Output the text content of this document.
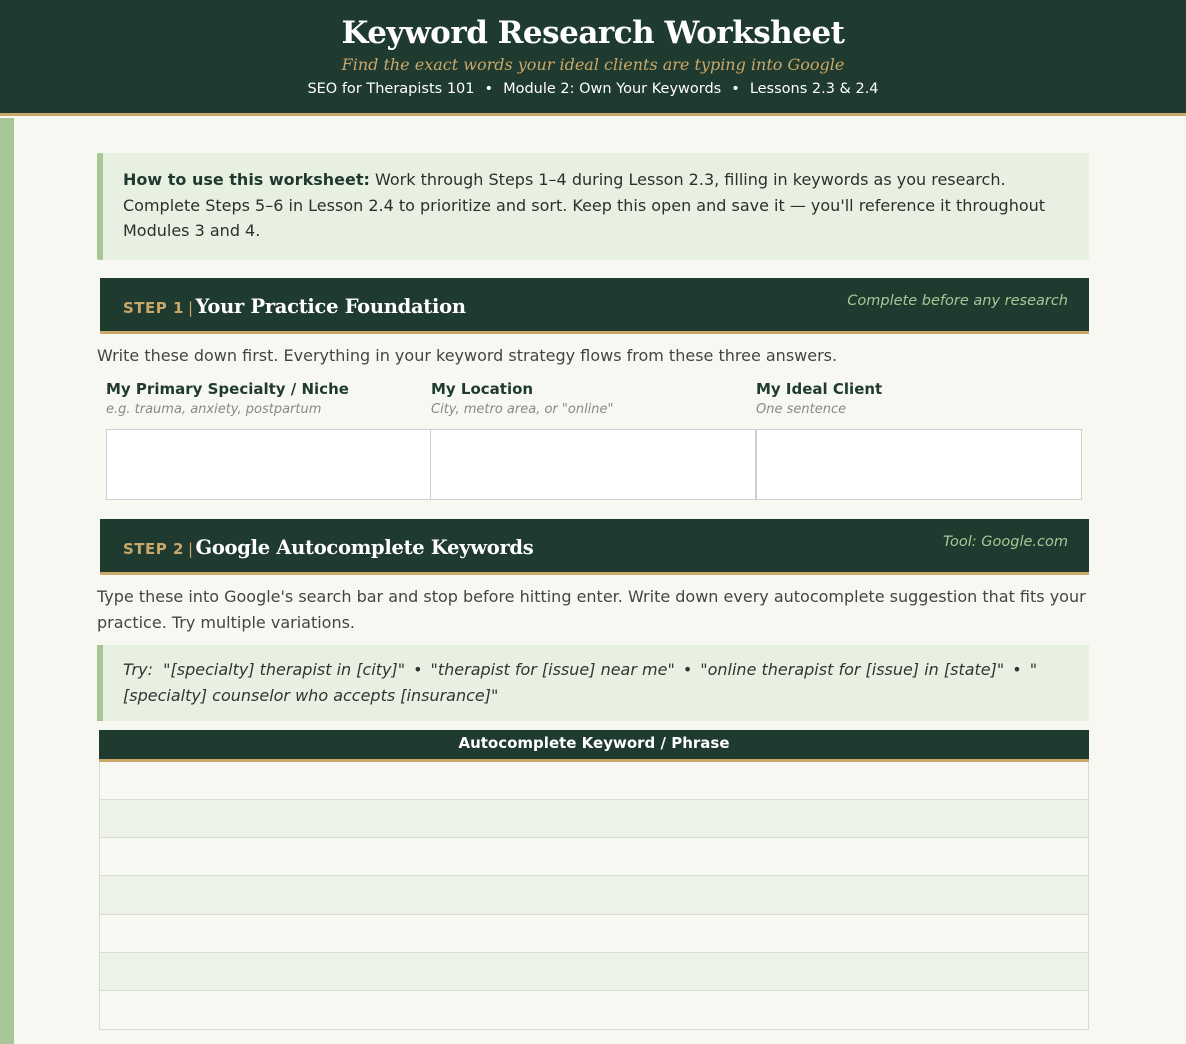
Keyword Research Worksheet
Find the exact words your ideal clients are typing into Google
SEO for Therapists 101 • Module 2: Own Your Keywords • Lessons 2.3 & 2.4
How to use this worksheet: Work through Steps 1–4 during Lesson 2.3, filling in keywords as you research. Complete Steps 5–6 in Lesson 2.4 to prioritize and sort. Keep this open and save it — you'll reference it throughout Modules 3 and 4.
STEP 1 | Your Practice Foundation	Complete before any research
Write these down first. Everything in your keyword strategy flows from these three answers.
My Primary Specialty / Niche
e.g. trauma, anxiety, postpartum
My Location
City, metro area, or "online"
My Ideal Client
One sentence
STEP 2 | Google Autocomplete Keywords	Tool: Google.com
Type these into Google's search bar and stop before hitting enter. Write down every autocomplete suggestion that fits your practice. Try multiple variations.
Try: "[specialty] therapist in [city]" • "therapist for [issue] near me" • "online therapist for [issue] in [state]" • "[specialty] counselor who accepts [insurance]"
Autocomplete Keyword / Phrase
